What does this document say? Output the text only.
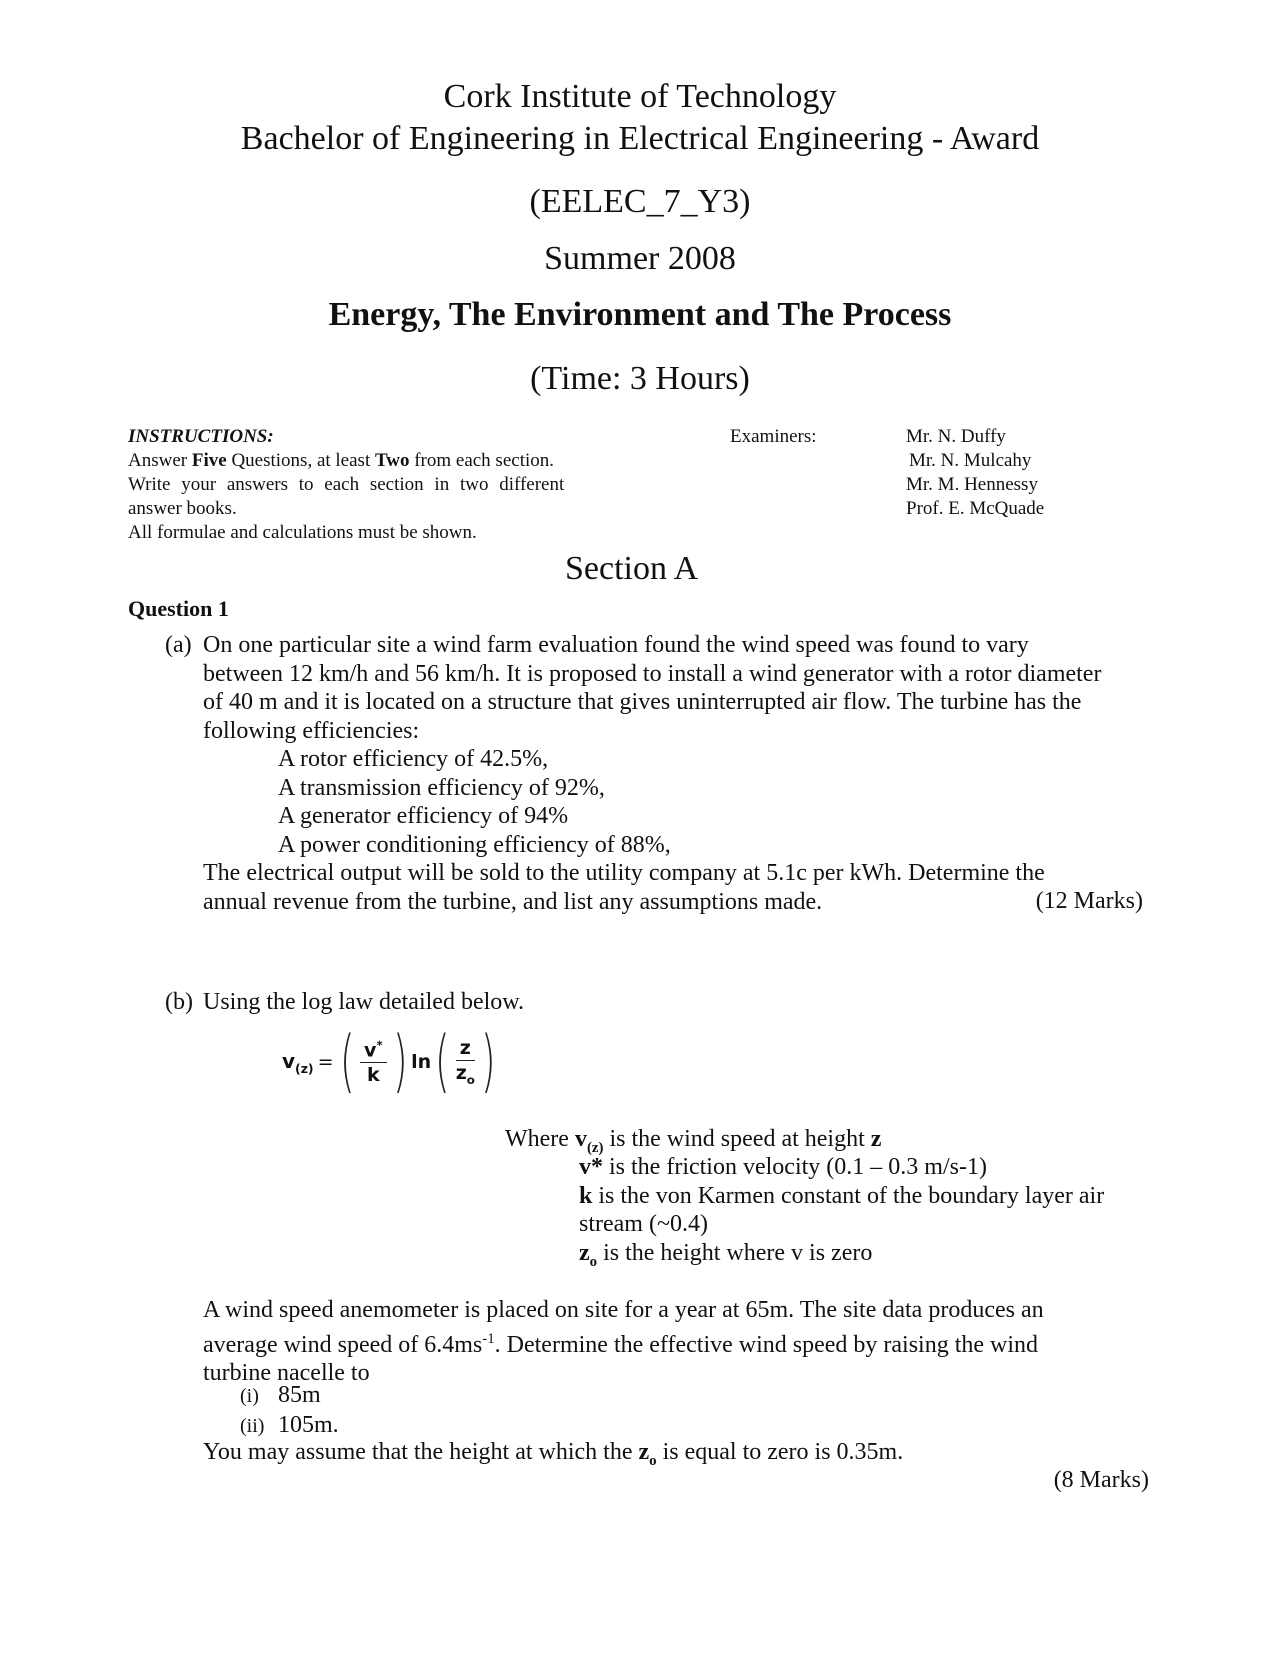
Cork Institute of Technology
Bachelor of Engineering in Electrical Engineering - Award
(EELEC_7_Y3)
Summer 2008
Energy, The Environment and The Process
(Time: 3 Hours)
INSTRUCTIONS:
Answer Five Questions, at least Two from each section.
Write your answers to each section in two different
answer books.
All formulae and calculations must be shown.
Examiners:	Mr. N. Duffy
Mr. N. Mulcahy
Mr. M. Hennessy
Prof. E. McQuade
Section A
Question 1
(a) On one particular site a wind farm evaluation found the wind speed was found to vary
between 12 km/h and 56 km/h. It is proposed to install a wind generator with a rotor diameter
of 40 m and it is located on a structure that gives uninterrupted air flow. The turbine has the
following efficiencies:
A rotor efficiency of 42.5%,
A transmission efficiency of 92%,
A generator efficiency of 94%
A power conditioning efficiency of 88%,
The electrical output will be sold to the utility company at 5.1c per kWh. Determine the
annual revenue from the turbine, and list any assumptions made.	(12 Marks)
(b) Using the log law detailed below.
$v_{(z)}$ = ( $\frac{v^*}{k}$ ) ln ( $\frac{z}{z_o}$ )
Where $v_{(z)}$ is the wind speed at height z
v* is the friction velocity (0.1 – 0.3 m/s-1)
k is the von Karmen constant of the boundary layer air
stream (~0.4)
$z_o$ is the height where v is zero
A wind speed anemometer is placed on site for a year at 65m. The site data produces an
average wind speed of $6.4ms^{-1}$. Determine the effective wind speed by raising the wind
turbine nacelle to
(i) 85m
(ii) 105m.
You may assume that the height at which the $z_o$ is equal to zero is 0.35m.
(8 Marks)
